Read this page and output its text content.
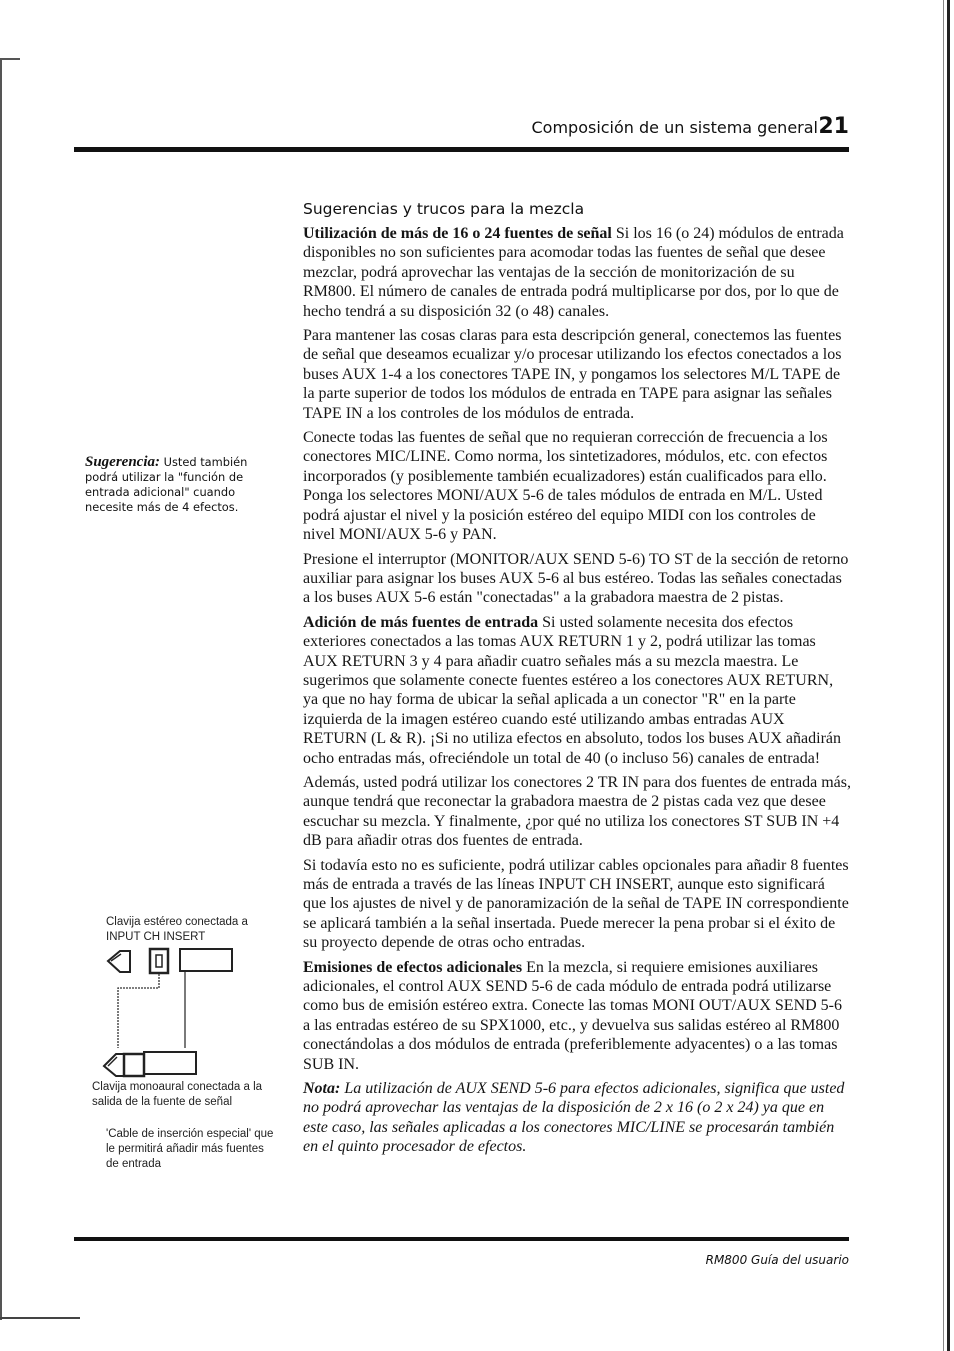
Composición de un sistema general 21
Sugerencias y trucos para la mezcla

Utilización de más de 16 o 24 fuentes de señal Si los 16 (o 24) módulos de entrada disponibles no son suficientes para acomodar todas las fuentes de señal que desee mezclar, podrá aprovechar las ventajas de la sección de monitorización de su RM800. El número de canales de entrada podrá multiplicarse por dos, por lo que de hecho tendrá a su disposición 32 (o 48) canales.

Para mantener las cosas claras para esta descripción general, conectemos las fuentes de señal que deseamos ecualizar y/o procesar utilizando los efectos conectados a los buses AUX 1-4 a los conectores TAPE IN, y pongamos los selectores M/L TAPE de la parte superior de todos los módulos de entrada en TAPE para asignar las señales TAPE IN a los controles de los módulos de entrada.

Conecte todas las fuentes de señal que no requieran corrección de frecuencia a los conectores MIC/LINE. Como norma, los sintetizadores, módulos, etc. con efectos incorporados (y posiblemente también ecualizadores) están cualificados para ello. Ponga los selectores MONI/AUX 5-6 de tales módulos de entrada en M/L. Usted podrá ajustar el nivel y la posición estéreo del equipo MIDI con los controles de nivel MONI/AUX 5-6 y PAN.

Presione el interruptor (MONITOR/AUX SEND 5-6) TO ST de la sección de retorno auxiliar para asignar los buses AUX 5-6 al bus estéreo. Todas las señales conectadas a los buses AUX 5-6 están "conectadas" a la grabadora maestra de 2 pistas.

Adición de más fuentes de entrada Si usted solamente necesita dos efectos exteriores conectados a las tomas AUX RETURN 1 y 2, podrá utilizar las tomas AUX RETURN 3 y 4 para añadir cuatro señales más a su mezcla maestra. Le sugerimos que solamente conecte fuentes estéreo a los conectores AUX RETURN, ya que no hay forma de ubicar la señal aplicada a un conector "R" en la parte izquierda de la imagen estéreo cuando esté utilizando ambas entradas AUX RETURN (L & R). ¡Si no utiliza efectos en absoluto, todos los buses AUX añadirán ocho entradas más, ofreciéndole un total de 40 (o incluso 56) canales de entrada!

Además, usted podrá utilizar los conectores 2 TR IN para dos fuentes de entrada más, aunque tendrá que reconectar la grabadora maestra de 2 pistas cada vez que desee escuchar su mezcla. Y finalmente, ¿por qué no utiliza los conectores ST SUB IN +4 dB para añadir otras dos fuentes de entrada.

Si todavía esto no es suficiente, podrá utilizar cables opcionales para añadir 8 fuentes más de entrada a través de las líneas INPUT CH INSERT, aunque esto significará que los ajustes de nivel y de panoramización de la señal de TAPE IN correspondiente se aplicará también a la señal insertada. Puede merecer la pena probar si el éxito de su proyecto depende de otras ocho entradas.

Emisiones de efectos adicionales En la mezcla, si requiere emisiones auxiliares adicionales, el control AUX SEND 5-6 de cada módulo de entrada podrá utilizarse como bus de emisión estéreo extra. Conecte las tomas MONI OUT/AUX SEND 5-6 a las entradas estéreo de su SPX1000, etc., y devuelva sus salidas estéreo al RM800 conectándolas a dos módulos de entrada (preferiblemente adyacentes) o a las tomas SUB IN.

Nota: La utilización de AUX SEND 5-6 para efectos adicionales, significa que usted no podrá aprovechar las ventajas de la disposición de 2 x 16 (o 2 x 24) ya que en este caso, las señales aplicadas a los conectores MIC/LINE se procesarán también en el quinto procesador de efectos.

Sugerencia: Usted también podrá utilizar la "función de entrada adicional" cuando necesite más de 4 efectos.
Clavija estéreo conectada a INPUT CH INSERT
Clavija monoaural conectada a la salida de la fuente de señal
'Cable de inserción especial' que le permitirá añadir más fuentes de entrada
RM800 Guía del usuario
